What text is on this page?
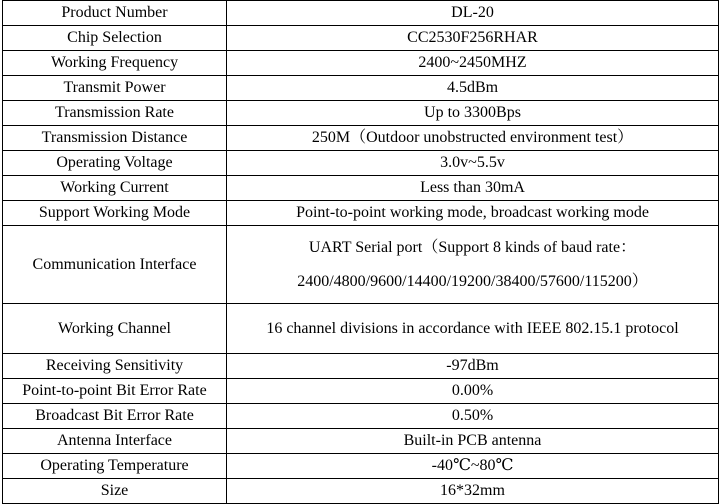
Product Number	DL-20
Chip Selection	CC2530F256RHAR
Working Frequency	2400~2450MHZ
Transmit Power	4.5dBm
Transmission Rate	Up to 3300Bps
Transmission Distance	250M（Outdoor unobstructed environment test）
Operating Voltage	3.0v~5.5v
Working Current	Less than 30mA
Support Working Mode	Point-to-point working mode, broadcast working mode
Communication Interface	UART Serial port（Support 8 kinds of baud rate：
2400/4800/9600/14400/19200/38400/57600/115200）

Working Channel	16 channel divisions in accordance with IEEE 802.15.1 protocol
Receiving Sensitivity	-97dBm
Point-to-point Bit Error Rate	0.00%
Broadcast Bit Error Rate	0.50%
Antenna Interface	Built-in PCB antenna
Operating Temperature	-40℃~80℃
Size	16*32mm
